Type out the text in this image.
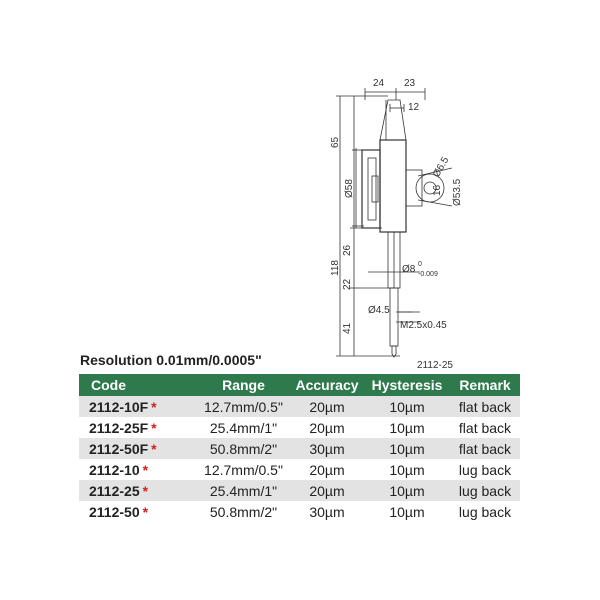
24 23
12
65
Ø58
Ø6.5
16 Ø53.5
26
118
22
Ø8 0
-0.009
Ø4.5
41	M2.5x0.45
2112-25
Resolution 0.01mm/0.0005"
Code	Range	Accuracy	Hysteresis	Remark
2112-10F *	12.7mm/0.5"	20µm	10µm	flat back
2112-25F *	25.4mm/1"	20µm	10µm	flat back
2112-50F *	50.8mm/2"	30µm	10µm	flat back
2112-10 *	12.7mm/0.5"	20µm	10µm	lug back
2112-25 *	25.4mm/1"	20µm	10µm	lug back
2112-50 *	50.8mm/2"	30µm	10µm	lug back
